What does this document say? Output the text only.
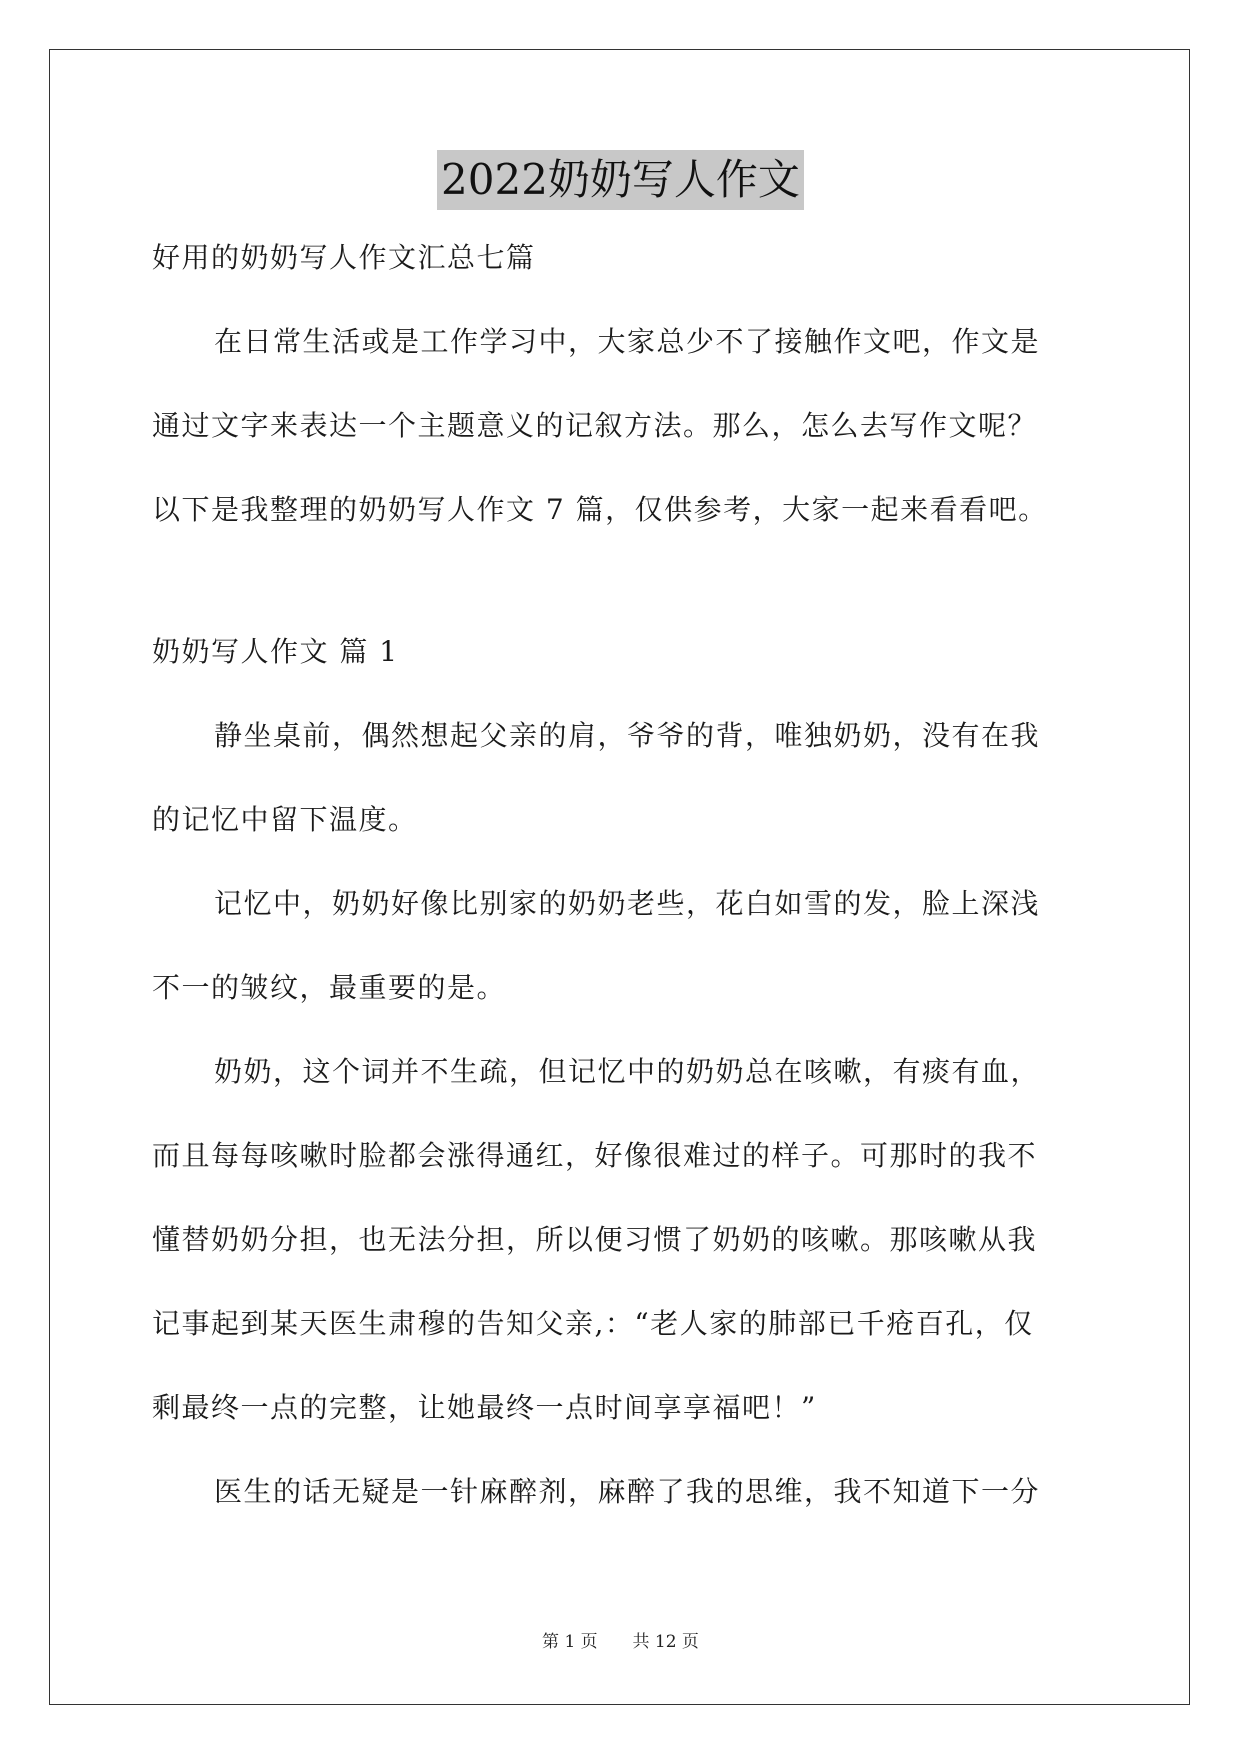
2022奶奶写人作文
好用的奶奶写人作文汇总七篇
在日常生活或是工作学习中，大家总少不了接触作文吧，作文是
通过文字来表达一个主题意义的记叙方法。那么，怎么去写作文呢？
以下是我整理的奶奶写人作文 7 篇，仅供参考，大家一起来看看吧。
奶奶写人作文 篇 1
静坐桌前，偶然想起父亲的肩，爷爷的背，唯独奶奶，没有在我
的记忆中留下温度。
记忆中，奶奶好像比别家的奶奶老些，花白如雪的发，脸上深浅
不一的皱纹，最重要的是。
奶奶，这个词并不生疏，但记忆中的奶奶总在咳嗽，有痰有血，
而且每每咳嗽时脸都会涨得通红，好像很难过的样子。可那时的我不
懂替奶奶分担，也无法分担，所以便习惯了奶奶的咳嗽。那咳嗽从我
记事起到某天医生肃穆的告知父亲,：“老人家的肺部已千疮百孔，仅
剩最终一点的完整，让她最终一点时间享享福吧！”
医生的话无疑是一针麻醉剂，麻醉了我的思维，我不知道下一分
第 1 页 共 12 页
